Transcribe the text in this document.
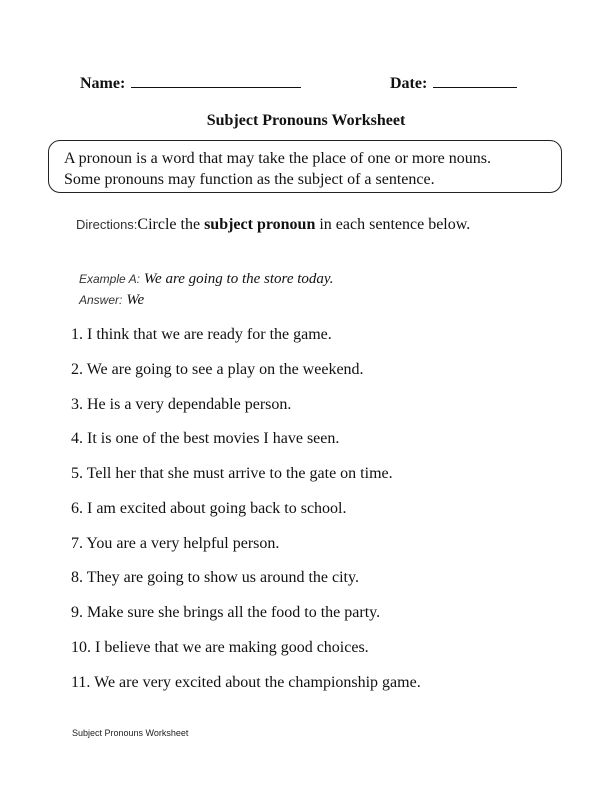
Name:	Date:
Subject Pronouns Worksheet
A pronoun is a word that may take the place of one or more nouns.
Some pronouns may function as the subject of a sentence.
Directions:Circle the subject pronoun in each sentence below.
Example A: We are going to the store today.
Answer: We
1. I think that we are ready for the game.
2. We are going to see a play on the weekend.
3. He is a very dependable person.
4. It is one of the best movies I have seen.
5. Tell her that she must arrive to the gate on time.
6. I am excited about going back to school.
7. You are a very helpful person.
8. They are going to show us around the city.
9. Make sure she brings all the food to the party.
10. I believe that we are making good choices.
11. We are very excited about the championship game.
Subject Pronouns Worksheet
